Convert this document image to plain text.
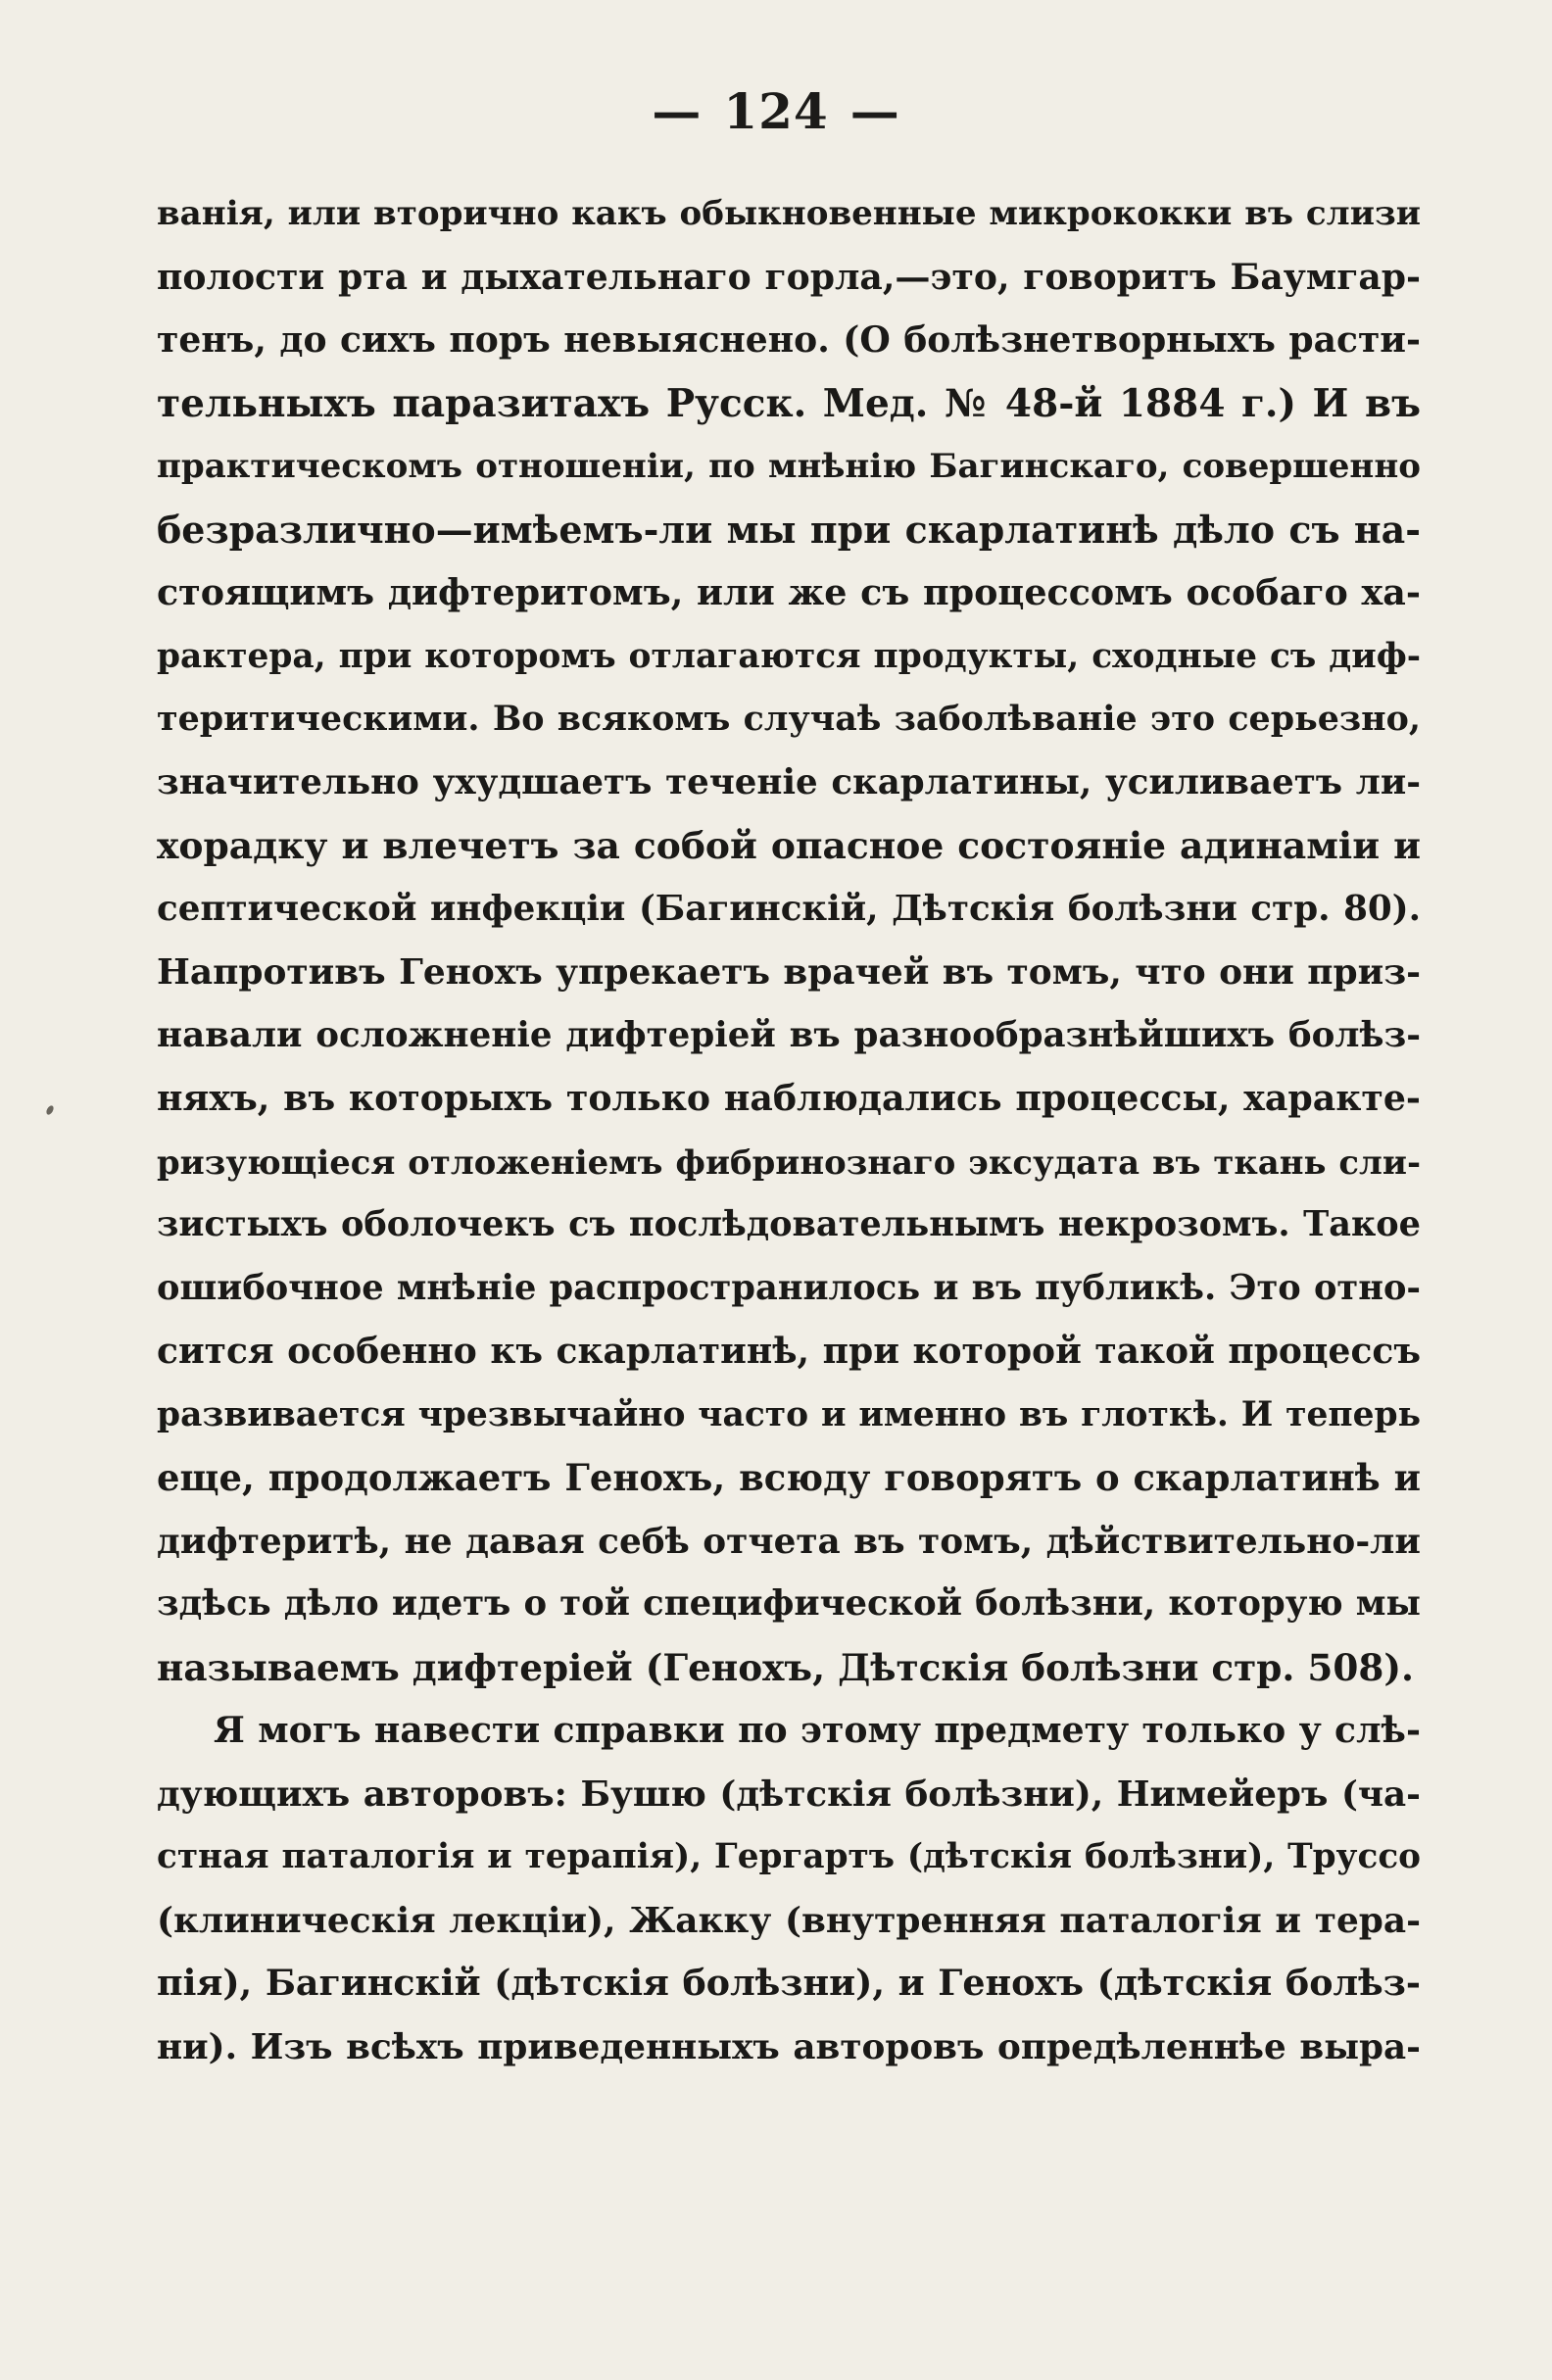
— 124 —
ванія, или вторично какъ обыкновенные микрококки въ слизи
полости рта и дыхательнаго горла,—это, говоритъ Баумгар-
тенъ, до сихъ поръ невыяснено. (О болѣзнетворныхъ расти-
тельныхъ паразитахъ Русск. Мед. № 48-й 1884 г.) И въ
практическомъ отношеніи, по мнѣнію Багинскаго, совершенно
безразлично—имѣемъ-ли мы при скарлатинѣ дѣло съ на-
стоящимъ дифтеритомъ, или же съ процессомъ особаго ха-
рактера, при которомъ отлагаются продукты, сходные съ диф-
теритическими. Во всякомъ случаѣ заболѣваніе это серьезно,
значительно ухудшаетъ теченіе скарлатины, усиливаетъ ли-
хорадку и влечетъ за собой опасное состояніе адинаміи и
септической инфекціи (Багинскій, Дѣтскія болѣзни стр. 80).
Напротивъ Генохъ упрекаетъ врачей въ томъ, что они приз-
навали осложненіе дифтеріей въ разнообразнѣйшихъ болѣз-
няхъ, въ которыхъ только наблюдались процессы, характе-
ризующіеся отложеніемъ фибринознаго эксудата въ ткань сли-
зистыхъ оболочекъ съ послѣдовательнымъ некрозомъ. Такое
ошибочное мнѣніе распространилось и въ публикѣ. Это отно-
сится особенно къ скарлатинѣ, при которой такой процессъ
развивается чрезвычайно часто и именно въ глоткѣ. И теперь
еще, продолжаетъ Генохъ, всюду говорятъ о скарлатинѣ и
дифтеритѣ, не давая себѣ отчета въ томъ, дѣйствительно-ли
здѣсь дѣло идетъ о той специфической болѣзни, которую мы
называемъ дифтеріей (Генохъ, Дѣтскія болѣзни стр. 508).
Я могъ навести справки по этому предмету только у слѣ-
дующихъ авторовъ: Бушю (дѣтскія болѣзни), Нимейеръ (ча-
стная паталогія и терапія), Гергартъ (дѣтскія болѣзни), Труссо
(клиническія лекціи), Жакку (внутренняя паталогія и тера-
пія), Багинскій (дѣтскія болѣзни), и Генохъ (дѣтскія болѣз-
ни). Изъ всѣхъ приведенныхъ авторовъ опредѣленнѣе выра-
